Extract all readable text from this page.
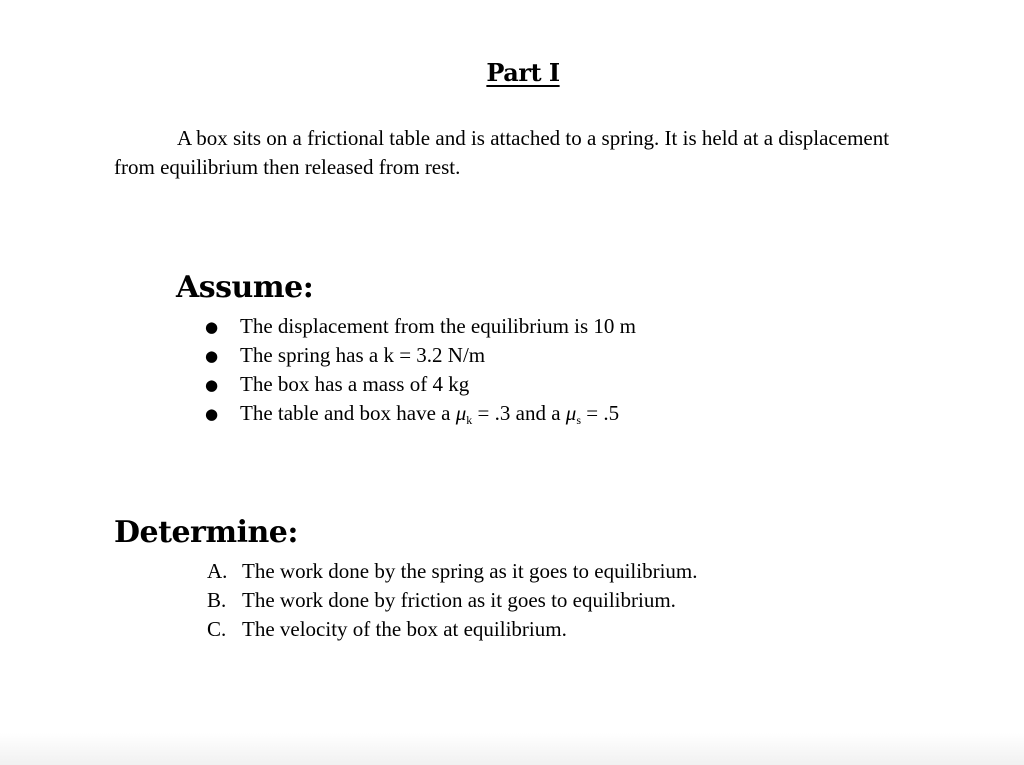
Part I

A box sits on a frictional table and is attached to a spring. It is held at a displacement from equilibrium then released from rest.

Assume:
● The displacement from the equilibrium is 10 m
● The spring has a k = 3.2 N/m
● The box has a mass of 4 kg
● The table and box have a $\mu_k = .3$ and a $\mu_s = .5$
Determine:
A. The work done by the spring as it goes to equilibrium.
B. The work done by friction as it goes to equilibrium.
C. The velocity of the box at equilibrium.
